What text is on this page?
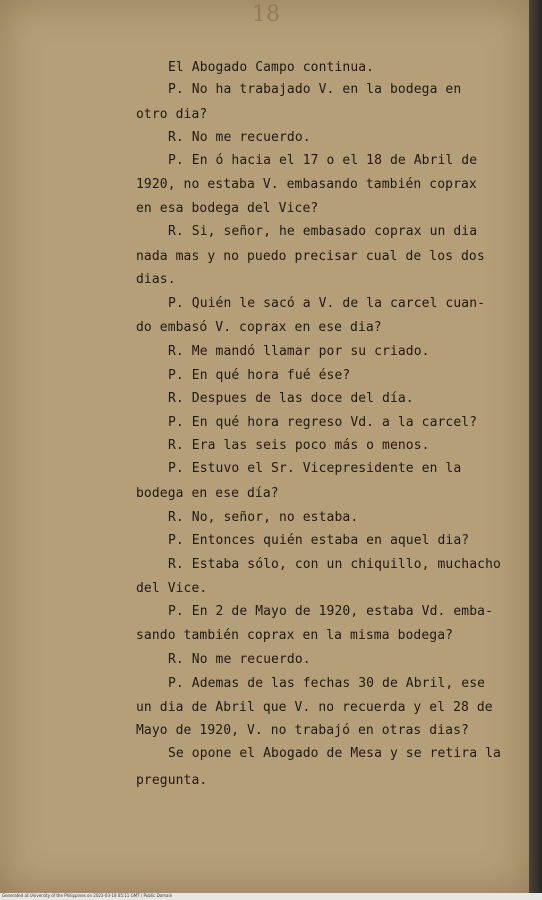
18
El Abogado Campo continua.
P. No ha trabajado V. en la bodega en
otro dia?
R. No me recuerdo.
P. En ó hacia el 17 o el 18 de Abril de
1920, no estaba V. embasando también coprax
en esa bodega del Vice?
R. Si, señor, he embasado coprax un dia
nada mas y no puedo precisar cual de los dos
dias.
P. Quién le sacó a V. de la carcel cuan-
do embasó V. coprax en ese dia?
R. Me mandó llamar por su criado.
P. En qué hora fué ése?
R. Despues de las doce del día.
P. En qué hora regreso Vd. a la carcel?
R. Era las seis poco más o menos.
P. Estuvo el Sr. Vicepresidente en la
bodega en ese día?
R. No, señor, no estaba.
P. Entonces quién estaba en aquel dia?
R. Estaba sólo, con un chiquillo, muchacho
del Vice.
P. En 2 de Mayo de 1920, estaba Vd. emba-
sando también coprax en la misma bodega?
R. No me recuerdo.
P. Ademas de las fechas 30 de Abril, ese
un dia de Abril que V. no recuerda y el 28 de
Mayo de 1920, V. no trabajó en otras dias?
Se opone el Abogado de Mesa y se retira la
pregunta.
Generated at University of the Philippines on 2023-03-18 05:11 GMT / Public Domain
